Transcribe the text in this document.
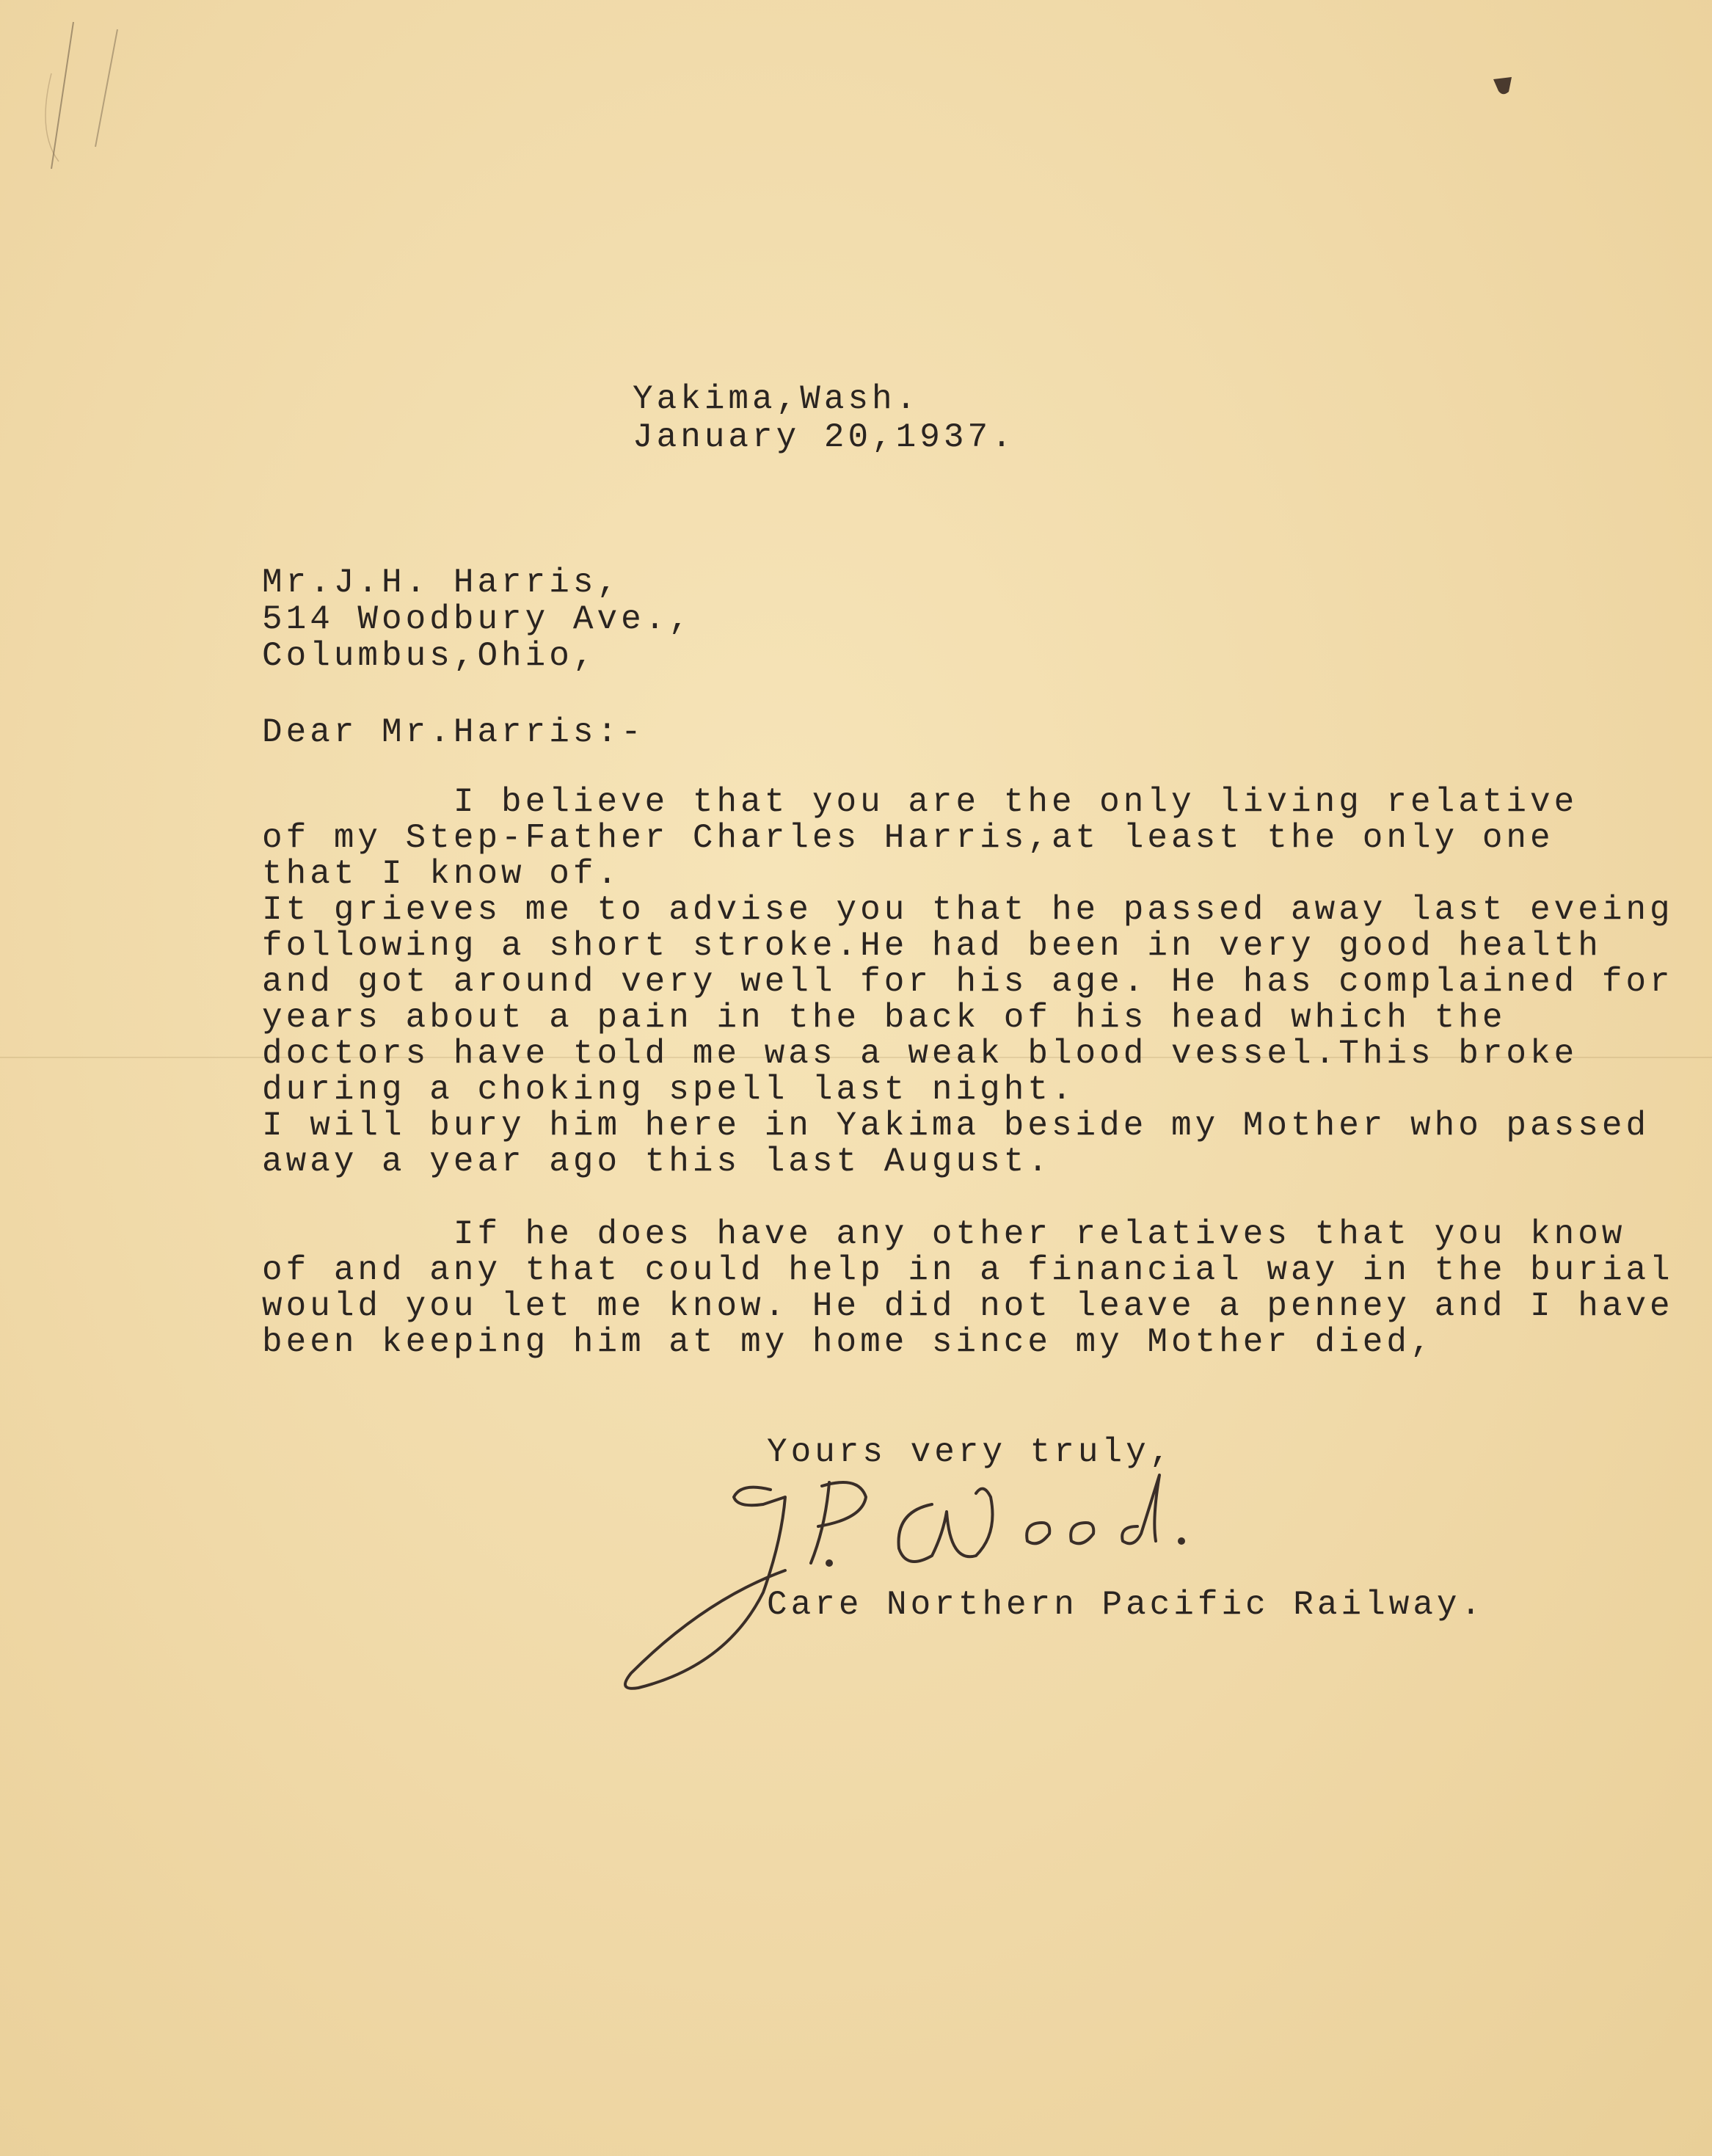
Yakima,Wash.
January 20,1937.
Mr.J.H. Harris,
514 Woodbury Ave.,
Columbus,Ohio,
Dear Mr.Harris:-
I believe that you are the only living relative
of my Step-Father Charles Harris,at least the only one
that I know of.
It grieves me to advise you that he passed away last eveing
following a short stroke.He had been in very good health
and got around very well for his age. He has complained for
years about a pain in the back of his head which the
doctors have told me was a weak blood vessel.This broke
during a choking spell last night.
I will bury him here in Yakima beside my Mother who passed
away a year ago this last August.
If he does have any other relatives that you know
of and any that could help in a financial way in the burial
would you let me know. He did not leave a penney and I have
been keeping him at my home since my Mother died,
Yours very truly,
Care Northern Pacific Railway.
